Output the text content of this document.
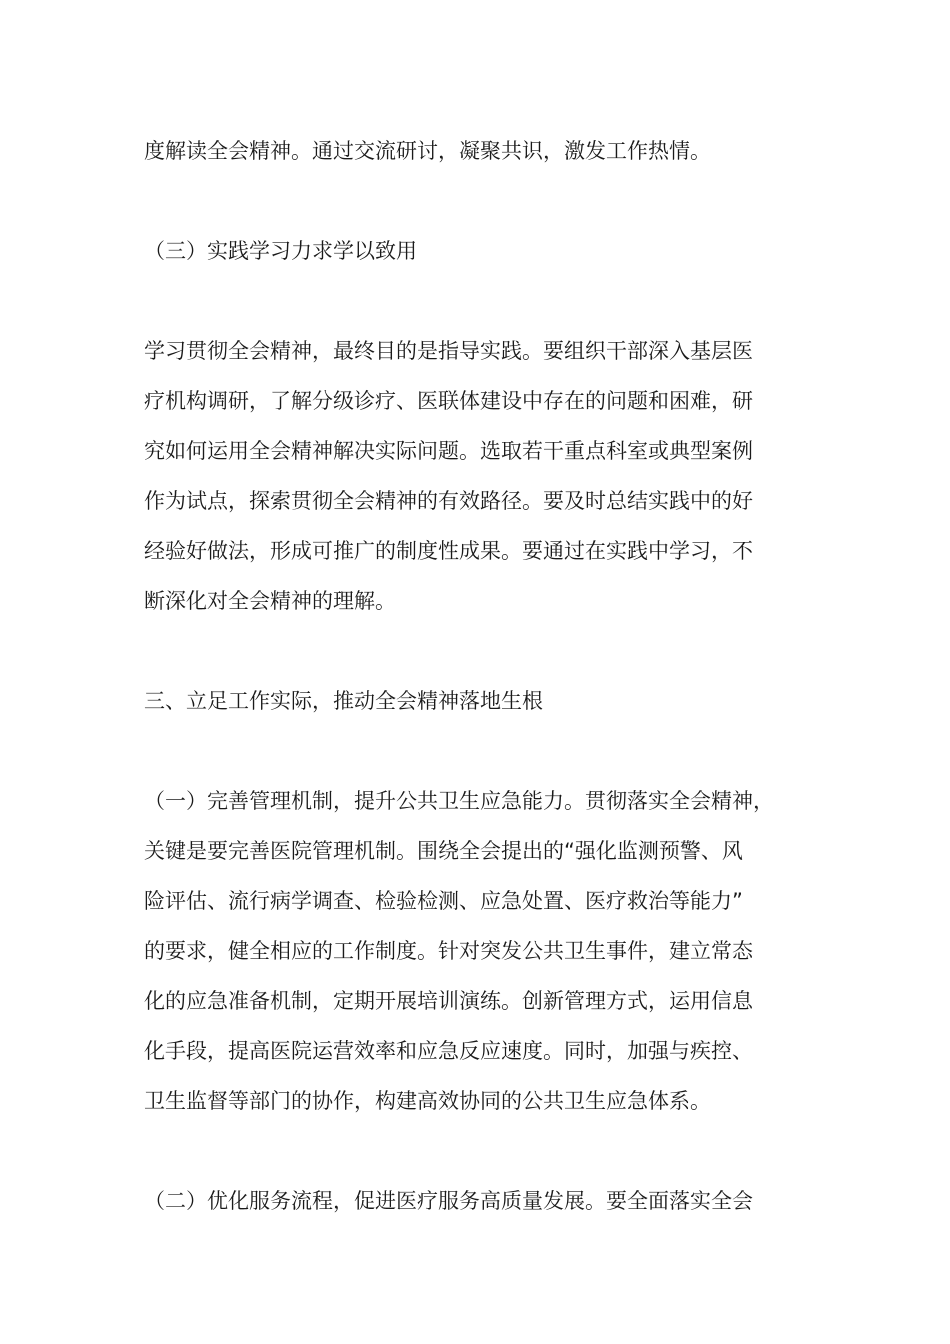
度解读全会精神。通过交流研讨，凝聚共识，激发工作热情。
（三）实践学习力求学以致用
学习贯彻全会精神，最终目的是指导实践。要组织干部深入基层医
疗机构调研，了解分级诊疗、医联体建设中存在的问题和困难，研
究如何运用全会精神解决实际问题。选取若干重点科室或典型案例
作为试点，探索贯彻全会精神的有效路径。要及时总结实践中的好
经验好做法，形成可推广的制度性成果。要通过在实践中学习，不
断深化对全会精神的理解。
三、立足工作实际，推动全会精神落地生根
（一）完善管理机制，提升公共卫生应急能力。贯彻落实全会精神，
关键是要完善医院管理机制。围绕全会提出的“强化监测预警、风
险评估、流行病学调查、检验检测、应急处置、医疗救治等能力”
的要求，健全相应的工作制度。针对突发公共卫生事件，建立常态
化的应急准备机制，定期开展培训演练。创新管理方式，运用信息
化手段，提高医院运营效率和应急反应速度。同时，加强与疾控、
卫生监督等部门的协作，构建高效协同的公共卫生应急体系。
（二）优化服务流程，促进医疗服务高质量发展。要全面落实全会
